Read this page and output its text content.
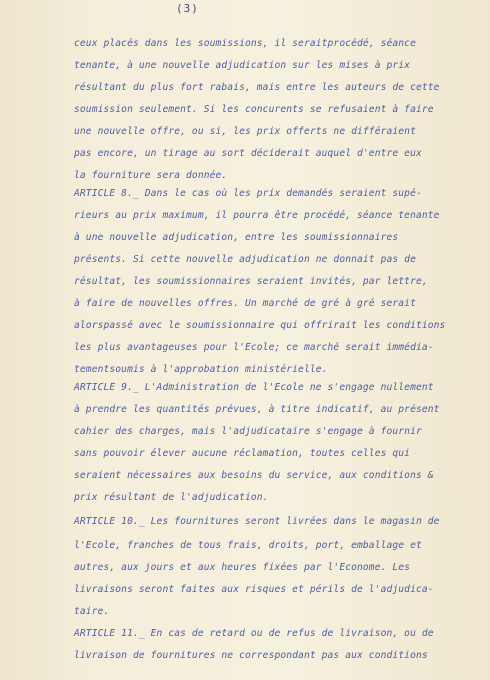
(3)
ceux placés dans les soumissions, il seraitprocédé, séance
tenante, à une nouvelle adjudication sur les mises à prix
résultant du plus fort rabais, mais entre les auteurs de cette
soumission seulement. Si les concurents se refusaient à faire
une nouvelle offre, ou si, les prix offerts ne différaient
pas encore, un tirage au sort déciderait auquel d'entre eux
la fourniture sera donnée.
ARTICLE 8._ Dans le cas où les prix demandés seraient supé-
rieurs au prix maximum, il pourra être procédé, séance tenante
à une nouvelle adjudication, entre les soumissionnaires
présents. Si cette nouvelle adjudication ne donnait pas de
résultat, les soumissionnaires seraient invités, par lettre,
à faire de nouvelles offres. Un marché de gré à gré serait
alorspassé avec le soumissionnaire qui offrirait les conditions
les plus avantageuses pour l'Ecole; ce marché serait immédia-
tementsoumis à l'approbation ministérielle.
ARTICLE 9._ L'Administration de l'Ecole ne s'engage nullement
à prendre les quantités prévues, à titre indicatif, au présent
cahier des charges, mais l'adjudicataire s'engage à fournir
sans pouvoir élever aucune réclamation, toutes celles qui
seraient nécessaires aux besoins du service, aux conditions &
prix résultant de l'adjudication.
ARTICLE 10._ Les fournitures seront livrées dans le magasin de
l'Ecole, franches de tous frais, droits, port, emballage et
autres, aux jours et aux heures fixées par l'Econome. Les
livraisons seront faites aux risques et périls de l'adjudica-
taire.
ARTICLE 11._ En cas de retard ou de refus de livraison, ou de
livraison de fournitures ne correspondant pas aux conditions
